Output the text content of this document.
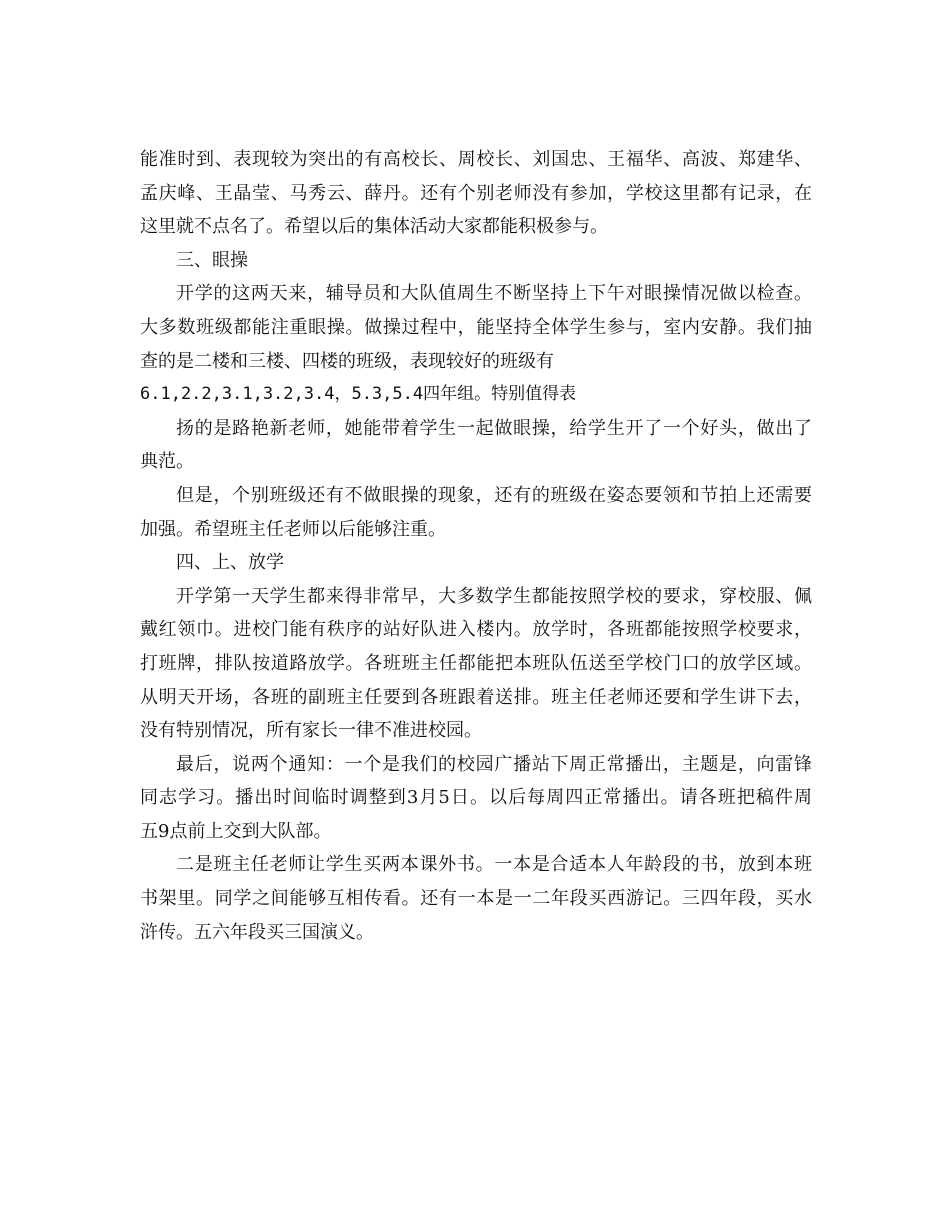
能准时到、表现较为突出的有高校长、周校长、刘国忠、王福华、高波、郑建华、
孟庆峰、王晶莹、马秀云、薛丹。还有个别老师没有参加，学校这里都有记录，在
这里就不点名了。希望以后的集体活动大家都能积极参与。
三、眼操
开学的这两天来，辅导员和大队值周生不断坚持上下午对眼操情况做以检查。
大多数班级都能注重眼操。做操过程中，能坚持全体学生参与，室内安静。我们抽
查的是二楼和三楼、四楼的班级，表现较好的班级有
6.1,2.2,3.1,3.2,3.4，5.3,5.4四年组。特别值得表
扬的是路艳新老师，她能带着学生一起做眼操，给学生开了一个好头，做出了
典范。
但是，个别班级还有不做眼操的现象，还有的班级在姿态要领和节拍上还需要
加强。希望班主任老师以后能够注重。
四、上、放学
开学第一天学生都来得非常早，大多数学生都能按照学校的要求，穿校服、佩
戴红领巾。进校门能有秩序的站好队进入楼内。放学时，各班都能按照学校要求，
打班牌，排队按道路放学。各班班主任都能把本班队伍送至学校门口的放学区域。
从明天开场，各班的副班主任要到各班跟着送排。班主任老师还要和学生讲下去，
没有特别情况，所有家长一律不准进校园。
最后，说两个通知：一个是我们的校园广播站下周正常播出，主题是，向雷锋
同志学习。播出时间临时调整到3月5日。以后每周四正常播出。请各班把稿件周
五9点前上交到大队部。
二是班主任老师让学生买两本课外书。一本是合适本人年龄段的书，放到本班
书架里。同学之间能够互相传看。还有一本是一二年段买西游记。三四年段，买水
浒传。五六年段买三国演义。
